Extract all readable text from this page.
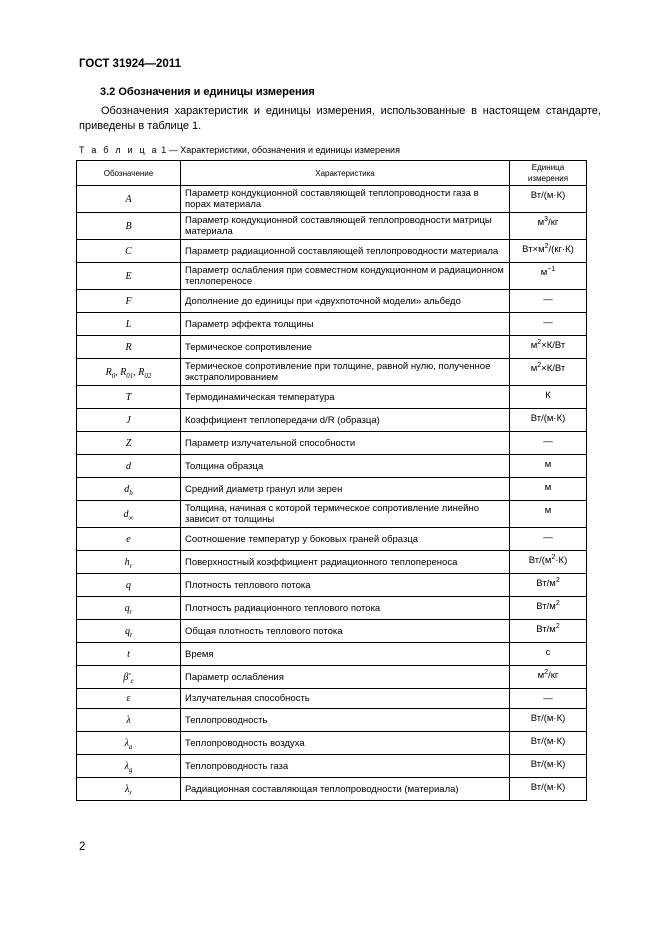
ГОСТ 31924—2011
3.2 Обозначения и единицы измерения
Обозначения характеристик и единицы измерения, использованные в настоящем стандарте, приведены в таблице 1.
Т а б л и ц а 1 — Характеристики, обозначения и единицы измерения
Обозначение	Характеристика	Единица измерения
A	Параметр кондукционной составляющей теплопроводности газа в порах материала	Вт/(м·К)
B	Параметр кондукционной составляющей теплопроводности матрицы материала	$м^3/кг$
C	Параметр радиационной составляющей теплопроводности материала	$Вт\times м^2/(кг\cdot К)$
E	Параметр ослабления при совместном кондукционном и радиационном теплопереносе	$м^{-1}$
F	Дополнение до единицы при «двухпоточной модели» альбедо	—
L	Параметр эффекта толщины	—
R	Термическое сопротивление	$м^2\times К/Вт$
$R_0$, $R_{01}$, $R_{02}$	Термическое сопротивление при толщине, равной нулю, полученное экстраполированием	$м^2\times К/Вт$
T	Термодинамическая температура	К
J	Коэффициент теплопередачи d/R (образца)	Вт/(м·К)
Z	Параметр излучательной способности	—
d	Толщина образца	м
$d_b$	Средний диаметр гранул или зерен	м
$d_\infty$	Толщина, начиная с которой термическое сопротивление линейно зависит от толщины	м
e	Соотношение температур у боковых граней образца	—
$h_r$	Поверхностный коэффициент радиационного теплопереноса	$Вт/(м^2\cdot К)$
q	Плотность теплового потока	$Вт/м^2$
$q_r$	Плотность радиационного теплового потока	$Вт/м^2$
$q_t$	Общая плотность теплового потока	$Вт/м^2$
t	Время	с
$\beta'_e$	Параметр ослабления	$м^2/кг$
ε	Излучательная способность	—
λ	Теплопроводность	Вт/(м·К)
$\lambda_a$	Теплопроводность воздуха	Вт/(м·К)
$\lambda_g$	Теплопроводность газа	Вт/(м·К)
$\lambda_r$	Радиационная составляющая теплопроводности (материала)	Вт/(м·К)
2
